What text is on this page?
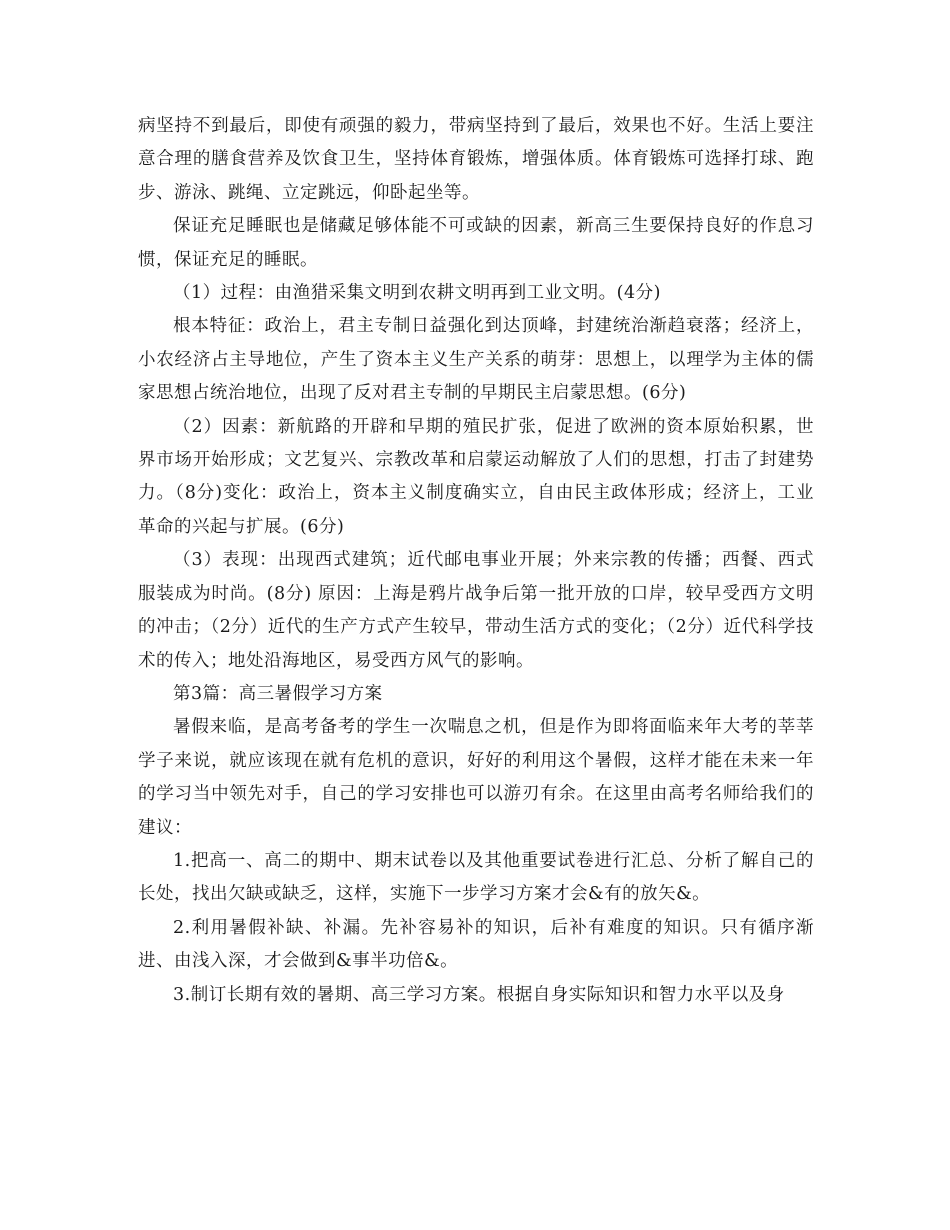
病坚持不到最后，即使有顽强的毅力，带病坚持到了最后，效果也不好。生活上要注意合理的膳食营养及饮食卫生，坚持体育锻炼，增强体质。体育锻炼可选择打球、跑步、游泳、跳绳、立定跳远，仰卧起坐等。

保证充足睡眠也是储藏足够体能不可或缺的因素，新高三生要保持良好的作息习惯，保证充足的睡眠。

（1）过程：由渔猎采集文明到农耕文明再到工业文明。(4分)

根本特征：政治上，君主专制日益强化到达顶峰，封建统治渐趋衰落；经济上，小农经济占主导地位，产生了资本主义生产关系的萌芽：思想上，以理学为主体的儒家思想占统治地位，出现了反对君主专制的早期民主启蒙思想。(6分)

（2）因素：新航路的开辟和早期的殖民扩张，促进了欧洲的资本原始积累，世界市场开始形成；文艺复兴、宗教改革和启蒙运动解放了人们的思想，打击了封建势力。（8分)变化：政治上，资本主义制度确实立，自由民主政体形成；经济上，工业革命的兴起与扩展。(6分)

（3）表现：出现西式建筑；近代邮电事业开展；外来宗教的传播；西餐、西式服装成为时尚。(8分) 原因：上海是鸦片战争后第一批开放的口岸，较早受西方文明的冲击；（2分）近代的生产方式产生较早，带动生活方式的变化；（2分）近代科学技术的传入；地处沿海地区，易受西方风气的影响。

第3篇：高三暑假学习方案

暑假来临，是高考备考的学生一次喘息之机，但是作为即将面临来年大考的莘莘学子来说，就应该现在就有危机的意识，好好的利用这个暑假，这样才能在未来一年的学习当中领先对手，自己的学习安排也可以游刃有余。在这里由高考名师给我们的建议：

1.把高一、高二的期中、期末试卷以及其他重要试卷进行汇总、分析了解自己的长处，找出欠缺或缺乏，这样，实施下一步学习方案才会&有的放矢&。

2.利用暑假补缺、补漏。先补容易补的知识，后补有难度的知识。只有循序渐进、由浅入深，才会做到&事半功倍&。

3.制订长期有效的暑期、高三学习方案。根据自身实际知识和智力水平以及身
